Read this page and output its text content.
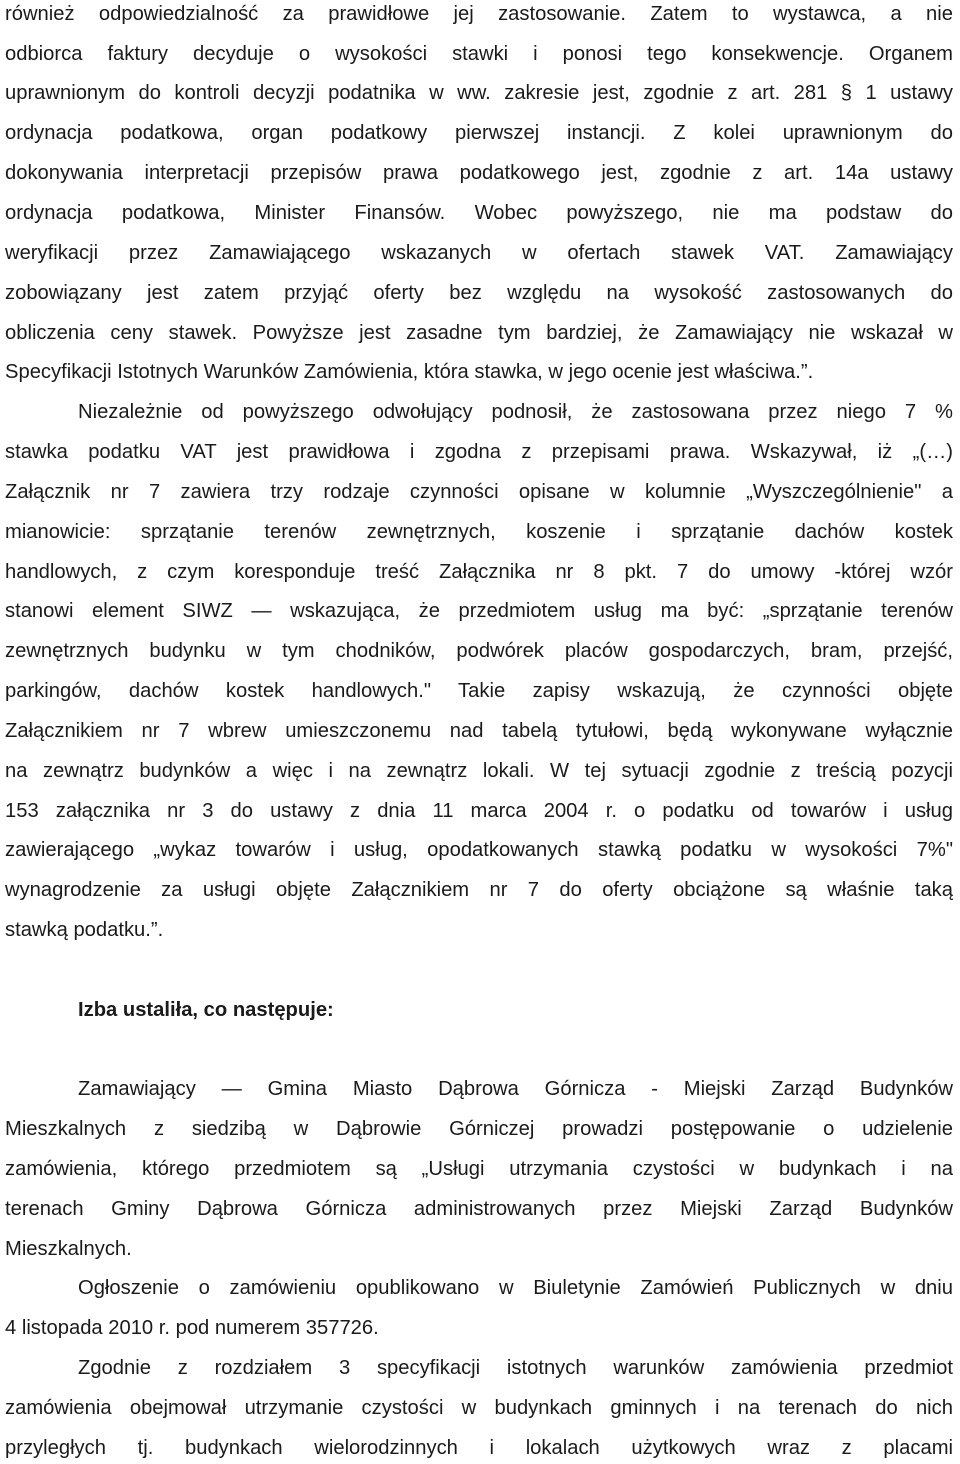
również odpowiedzialność za prawidłowe jej zastosowanie. Zatem to wystawca, a nie
odbiorca faktury decyduje o wysokości stawki i ponosi tego konsekwencje. Organem
uprawnionym do kontroli decyzji podatnika w ww. zakresie jest, zgodnie z art. 281 § 1 ustawy
ordynacja podatkowa, organ podatkowy pierwszej instancji. Z kolei uprawnionym do
dokonywania interpretacji przepisów prawa podatkowego jest, zgodnie z art. 14a ustawy
ordynacja podatkowa, Minister Finansów. Wobec powyższego, nie ma podstaw do
weryfikacji przez Zamawiającego wskazanych w ofertach stawek VAT. Zamawiający
zobowiązany jest zatem przyjąć oferty bez względu na wysokość zastosowanych do
obliczenia ceny stawek. Powyższe jest zasadne tym bardziej, że Zamawiający nie wskazał w
Specyfikacji Istotnych Warunków Zamówienia, która stawka, w jego ocenie jest właściwa.”.
Niezależnie od powyższego odwołujący podnosił, że zastosowana przez niego 7 %
stawka podatku VAT jest prawidłowa i zgodna z przepisami prawa. Wskazywał, iż „(…)
Załącznik nr 7 zawiera trzy rodzaje czynności opisane w kolumnie „Wyszczególnienie" a
mianowicie: sprzątanie terenów zewnętrznych, koszenie i sprzątanie dachów kostek
handlowych, z czym koresponduje treść Załącznika nr 8 pkt. 7 do umowy -której wzór
stanowi element SIWZ — wskazująca, że przedmiotem usług ma być: „sprzątanie terenów
zewnętrznych budynku w tym chodników, podwórek placów gospodarczych, bram, przejść,
parkingów, dachów kostek handlowych." Takie zapisy wskazują, że czynności objęte
Załącznikiem nr 7 wbrew umieszczonemu nad tabelą tytułowi, będą wykonywane wyłącznie
na zewnątrz budynków a więc i na zewnątrz lokali. W tej sytuacji zgodnie z treścią pozycji
153 załącznika nr 3 do ustawy z dnia 11 marca 2004 r. o podatku od towarów i usług
zawierającego „wykaz towarów i usług, opodatkowanych stawką podatku w wysokości 7%"
wynagrodzenie za usługi objęte Załącznikiem nr 7 do oferty obciążone są właśnie taką
stawką podatku.”.
Izba ustaliła, co następuje:
Zamawiający — Gmina Miasto Dąbrowa Górnicza - Miejski Zarząd Budynków
Mieszkalnych z siedzibą w Dąbrowie Górniczej prowadzi postępowanie o udzielenie
zamówienia, którego przedmiotem są „Usługi utrzymania czystości w budynkach i na
terenach Gminy Dąbrowa Górnicza administrowanych przez Miejski Zarząd Budynków
Mieszkalnych.
Ogłoszenie o zamówieniu opublikowano w Biuletynie Zamówień Publicznych w dniu
4 listopada 2010 r. pod numerem 357726.
Zgodnie z rozdziałem 3 specyfikacji istotnych warunków zamówienia przedmiot
zamówienia obejmował utrzymanie czystości w budynkach gminnych i na terenach do nich
przyległych tj. budynkach wielorodzinnych i lokalach użytkowych wraz z placami
